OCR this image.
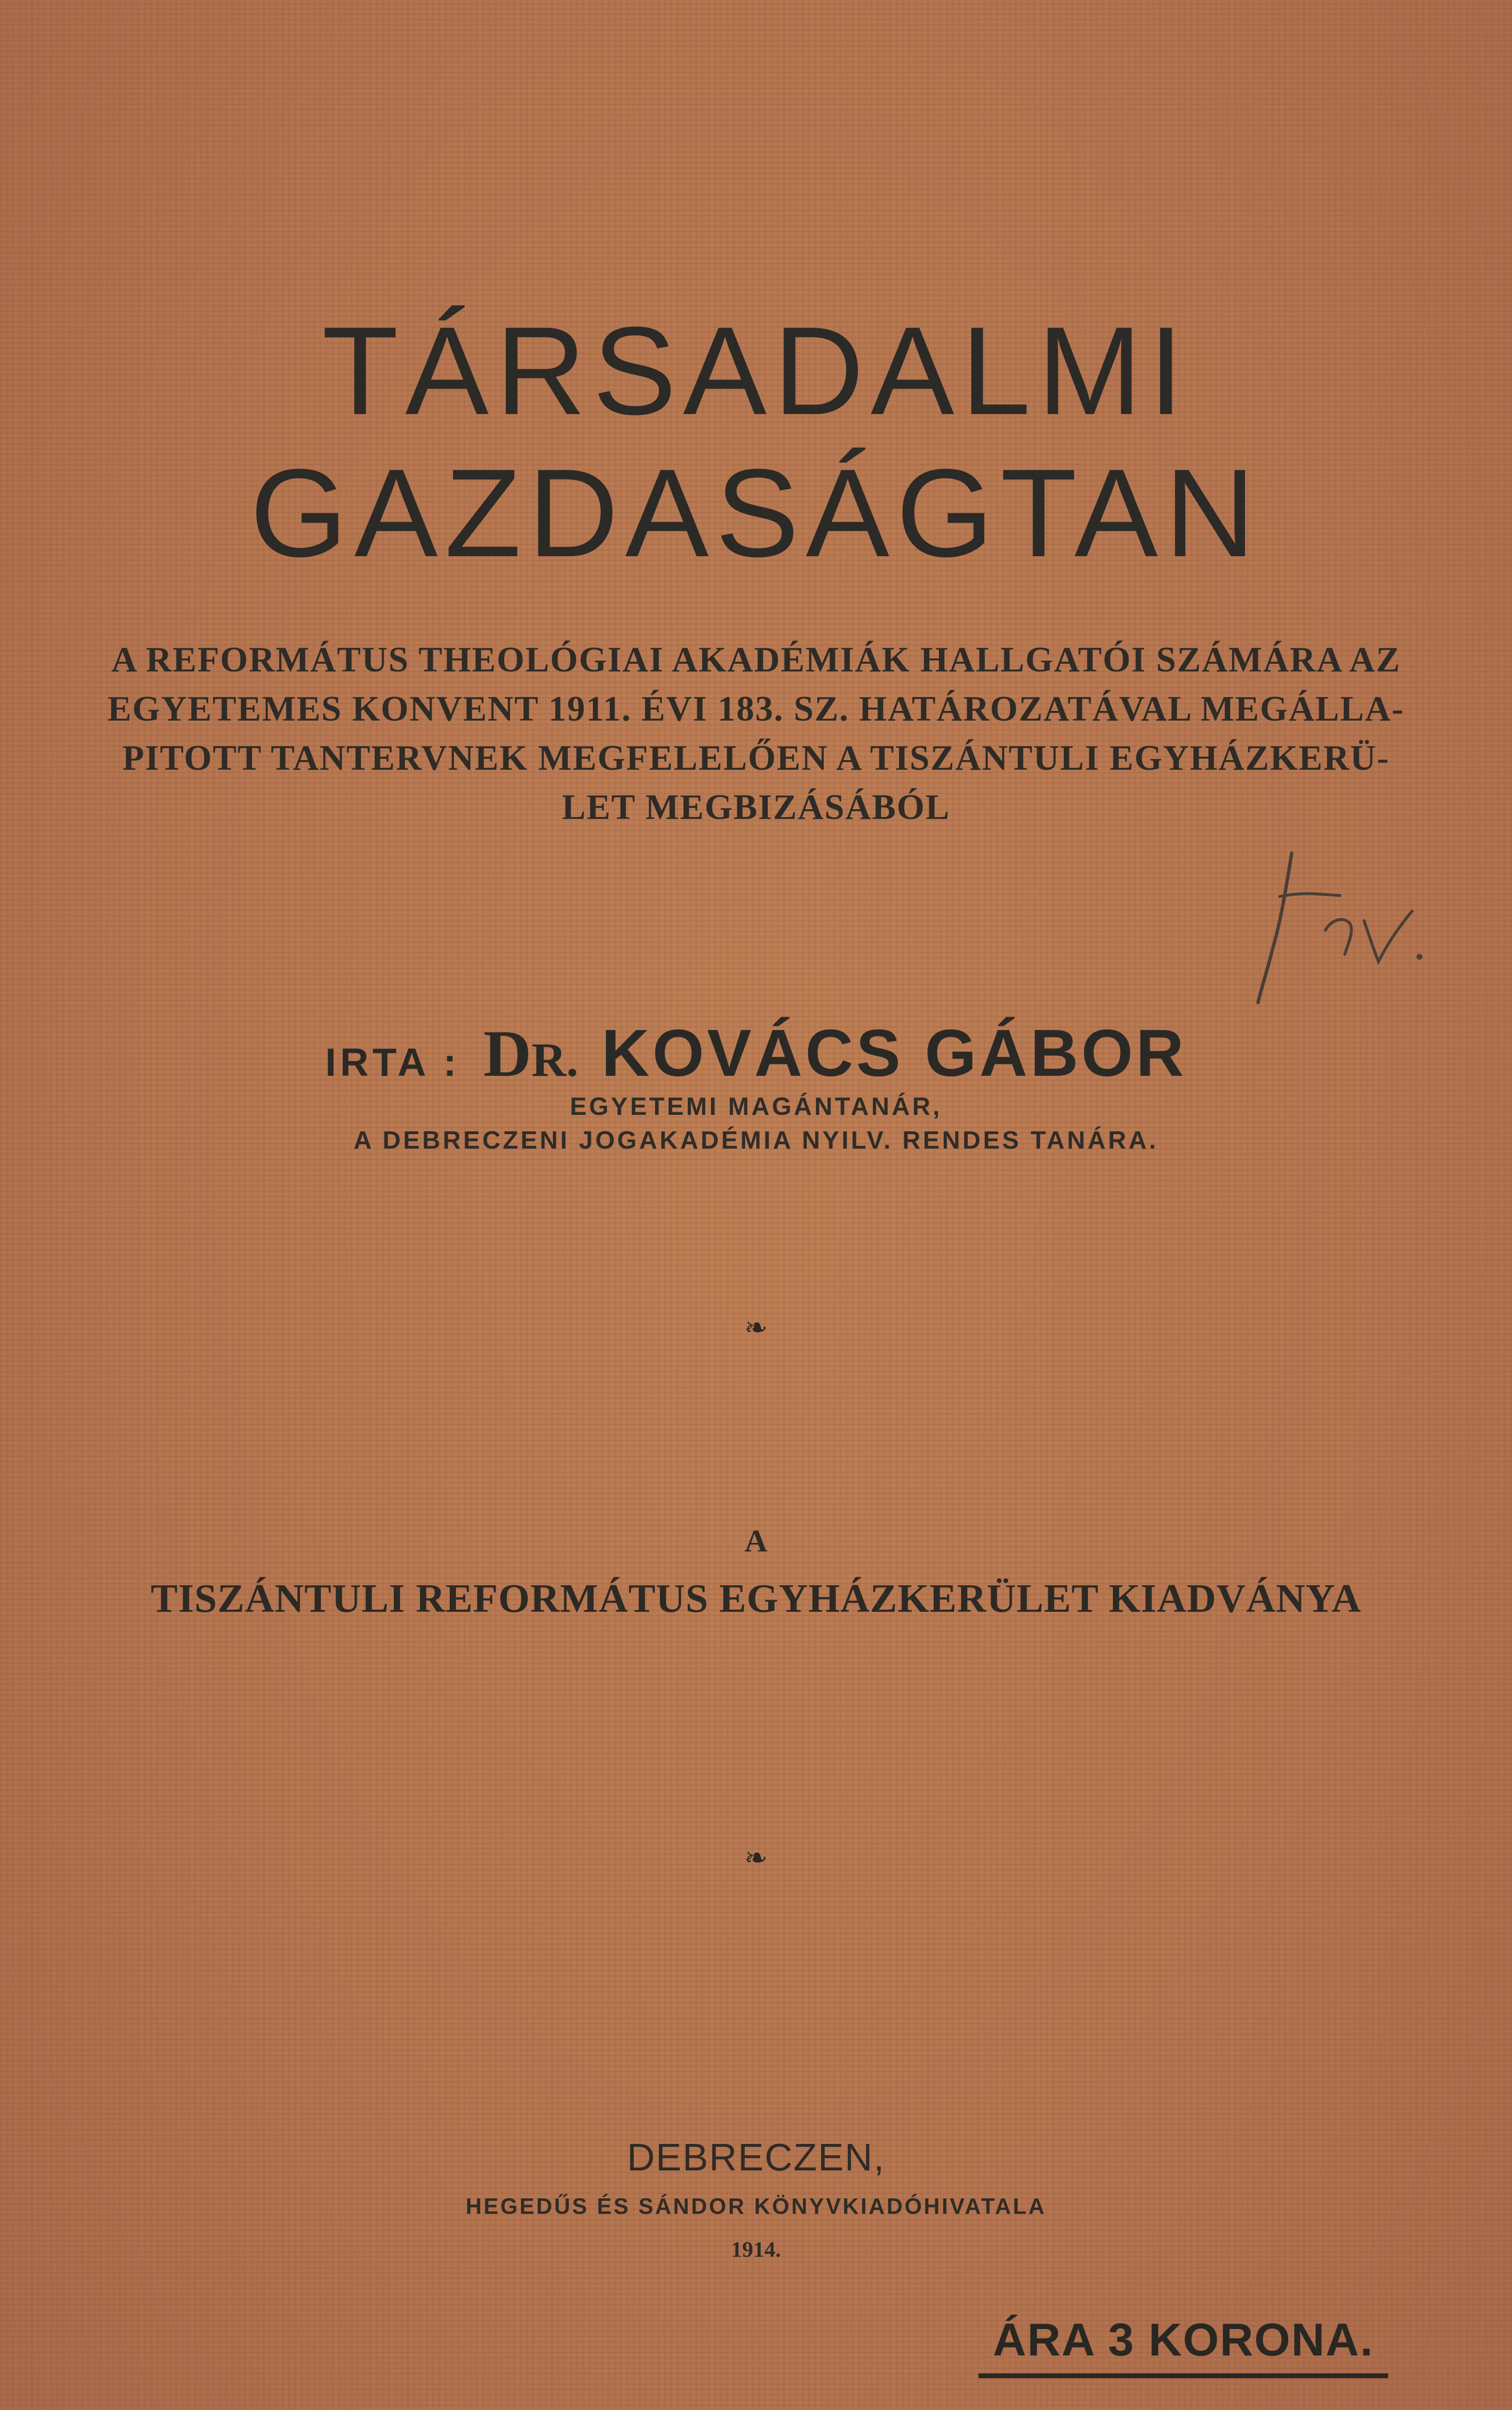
TÁRSADALMI
GAZDASÁGTAN
A REFORMÁTUS THEOLÓGIAI AKADÉMIÁK HALLGATÓI SZÁMÁRA AZ
EGYETEMES KONVENT 1911. ÉVI 183. SZ. HATÁROZATÁVAL MEGÁLLA-
PITOTT TANTERVNEK MEGFELELŐEN A TISZÁNTULI EGYHÁZKERÜ-
LET MEGBIZÁSÁBÓL
IRTA : DR. KOVÁCS GÁBOR
EGYETEMI MAGÁNTANÁR,
A DEBRECZENI JOGAKADÉMIA NYILV. RENDES TANÁRA.
❧
A
TISZÁNTULI REFORMÁTUS EGYHÁZKERÜLET KIADVÁNYA
❧
DEBRECZEN,
HEGEDŰS ÉS SÁNDOR KÖNYVKIADÓHIVATALA
1914.
ÁRA 3 KORONA.
